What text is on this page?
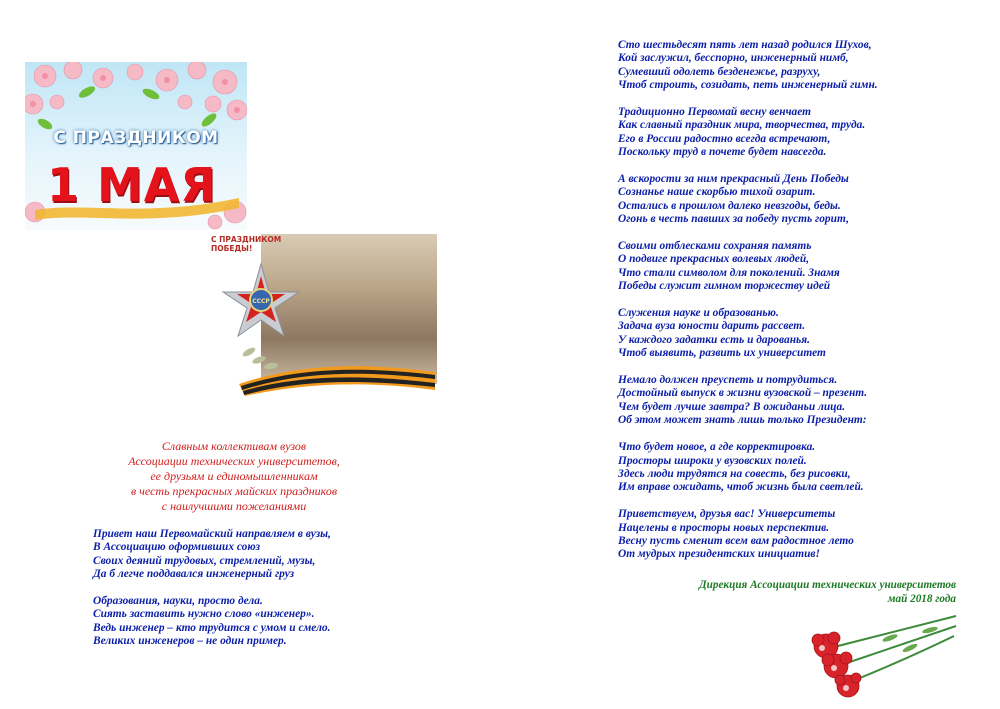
С ПРАЗДНИКОМ
1 МАЯ
СССР
С ПРАЗДНИКОМ
ПОБЕДЫ!
Славным коллективам вузов
Ассоциации технических университетов,
ее друзьям и единомышленникам
в честь прекрасных майских праздников
с наилучшими пожеланиями
Привет наш Первомайский направляем в вузы,
В Ассоциацию оформивших союз
Своих деяний трудовых, стремлений, музы,
Да б легче поддавался инженерный груз
Образования, науки, просто дела.
Сиять заставить нужно слово «инженер».
Ведь инженер – кто трудится с умом и смело.
Великих инженеров – не один пример.
Сто шестьдесят пять лет назад родился Шухов,
Кой заслужил, бесспорно, инженерный нимб,
Сумевший одолеть безденежье, разруху,
Чтоб строить, созидать, петь инженерный гимн.
Традиционно Первомай весну венчает
Как славный праздник мира, творчества, труда.
Его в России радостно всегда встречают,
Поскольку труд в почете будет навсегда.
А вскорости за ним прекрасный День Победы
Сознанье наше скорбью тихой озарит.
Остались в прошлом далеко невзгоды, беды.
Огонь в честь павших за победу пусть горит,
Своими отблесками сохраняя память
О подвиге прекрасных волевых людей,
Что стали символом для поколений. Знамя
Победы служит гимном торжеству идей
Служения науке и образованью.
Задача вуза юности дарить рассвет.
У каждого задатки есть и дарованья.
Чтоб выявить, развить их университет
Немало должен преуспеть и потрудиться.
Достойный выпуск в жизни вузовской – презент.
Чем будет лучше завтра? В ожиданьи лица.
Об этом может знать лишь только Президент:
Что будет новое, а где корректировка.
Просторы широки у вузовских полей.
Здесь люди трудятся на совесть, без рисовки,
Им вправе ожидать, чтоб жизнь была светлей.
Приветствуем, друзья вас! Университеты
Нацелены в просторы новых перспектив.
Весну пусть сменит всем вам радостное лето
От мудрых президентских инициатив!
Дирекция Ассоциации технических университетов
май 2018 года
